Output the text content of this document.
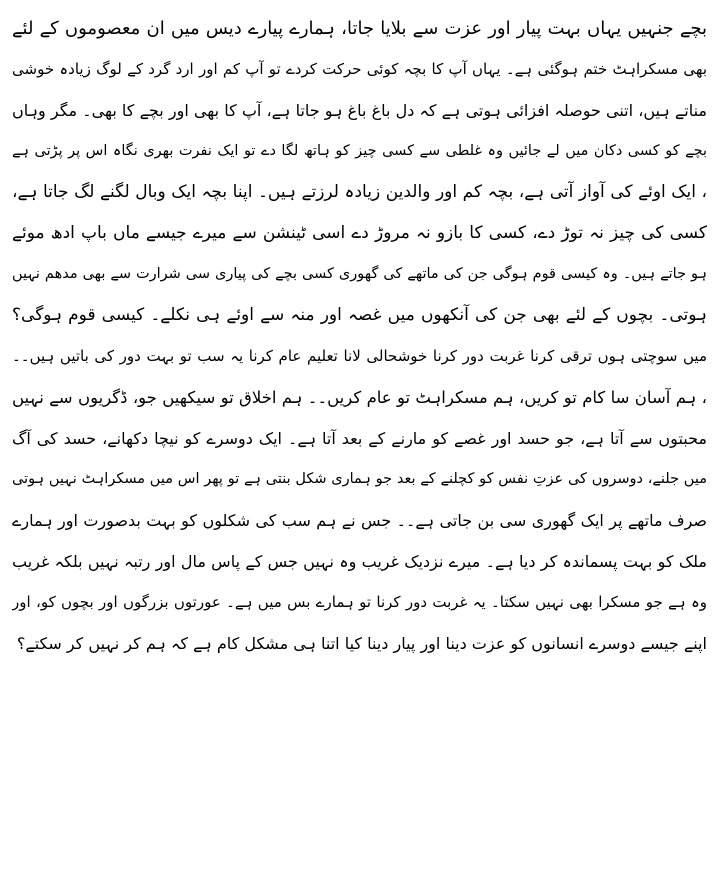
بچے جنہیں یہاں بہت پیار اور عزت سے بلایا جاتا، ہمارے پیارے دیس میں ان معصوموں کے لئے
بھی مسکراہٹ ختم ہوگئی ہے۔ یہاں آپ کا بچہ کوئی حرکت کردے تو آپ کم اور ارد گرد کے لوگ زیادہ خوشی
مناتے ہیں، اتنی حوصلہ افزائی ہوتی ہے کہ دل باغ باغ ہو جاتا ہے، آپ کا بھی اور بچے کا بھی۔ مگر وہاں
بچے کو کسی دکان میں لے جائیں وہ غلطی سے کسی چیز کو ہاتھ لگا دے تو ایک نفرت بھری نگاہ اس پر پڑتی ہے
، ایک اوئے کی آواز آتی ہے، بچہ کم اور والدین زیادہ لرزتے ہیں۔ اپنا بچہ ایک وبال لگنے لگ جاتا ہے،
کسی کی چیز نہ توڑ دے، کسی کا بازو نہ مروڑ دے اسی ٹینشن سے میرے جیسے ماں باپ ادھ موئے
ہو جاتے ہیں۔ وہ کیسی قوم ہوگی جن کی ماتھے کی گھوری کسی بچے کی پیاری سی شرارت سے بھی مدھم نہیں
ہوتی۔ بچوں کے لئے بھی جن کی آنکھوں میں غصہ اور منہ سے اوئے ہی نکلے۔ کیسی قوم ہوگی؟
میں سوچتی ہوں ترقی کرنا غربت دور کرنا خوشحالی لانا تعلیم عام کرنا یہ سب تو بہت دور کی باتیں ہیں۔۔
، ہم آسان سا کام تو کریں، ہم مسکراہٹ تو عام کریں۔۔ ہم اخلاق تو سیکھیں جو، ڈگریوں سے نہیں
محبتوں سے آتا ہے، جو حسد اور غصے کو مارنے کے بعد آتا ہے۔ ایک دوسرے کو نیچا دکھانے، حسد کی آگ
میں جلنے، دوسروں کی عزتِ نفس کو کچلنے کے بعد جو ہماری شکل بنتی ہے تو پھر اس میں مسکراہٹ نہیں ہوتی
صرف ماتھے پر ایک گھوری سی بن جاتی ہے۔۔ جس نے ہم سب کی شکلوں کو بہت بدصورت اور ہمارے
ملک کو بہت پسماندہ کر دیا ہے۔ میرے نزدیک غریب وہ نہیں جس کے پاس مال اور رتبہ نہیں بلکہ غریب
وہ ہے جو مسکرا بھی نہیں سکتا۔ یہ غربت دور کرنا تو ہمارے بس میں ہے۔ عورتوں بزرگوں اور بچوں کو، اور
اپنے جیسے دوسرے انسانوں کو عزت دینا اور پیار دینا کیا اتنا ہی مشکل کام ہے کہ ہم کر نہیں کر سکتے؟
